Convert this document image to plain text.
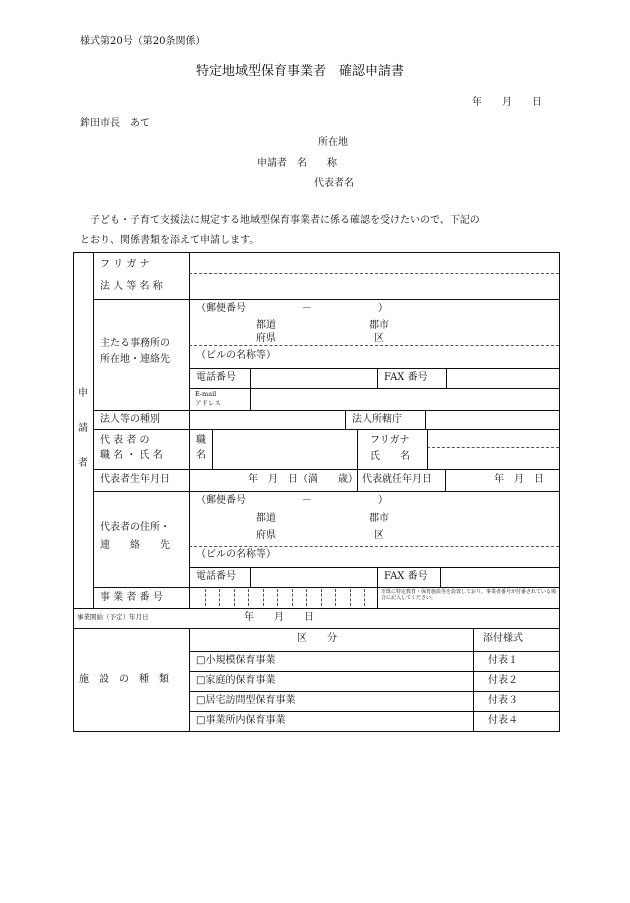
様式第20号（第20条関係）
特定地域型保育事業者　確認申請書
年　　月　　日
鉾田市長　あて
所在地
申請者　名　　称
代表者名
子ども・子育て支援法に規定する地域型保育事業者に係る確認を受けたいので、下記の
とおり、関係書類を添えて申請します。
申
請
者
フ リ ガ ナ
法 人 等 名 称
主たる事務所の
所在地・連絡先
（郵便番号	－	）
都道	郡市
府県	区
（ビルの名称等）
電話番号	FAX 番号
E-mail
アドレス
法人等の種別	法人所轄庁
代 表 者 の
職 名 ・ 氏 名
職
名
フリガナ
氏　　名
代表者生年月日	年　月　日（満　　歳） 代表就任年月日	年　月　日
代表者の住所・
連　　絡　　先
（郵便番号	－	）
都道	郡市
府県	区
（ビルの名称等）
電話番号	FAX 番号
事 業 者 番 号	※既に特定教育・保育施設等を設置しており、事業者番号が付番されている場合に記入してください。
事業開始（予定）年月日	年　　月　　日
施　設　の　種　類
区　　分	添付様式
□小規模保育事業	付表１
□家庭的保育事業	付表２
□居宅訪問型保育事業	付表３
□事業所内保育事業	付表４
